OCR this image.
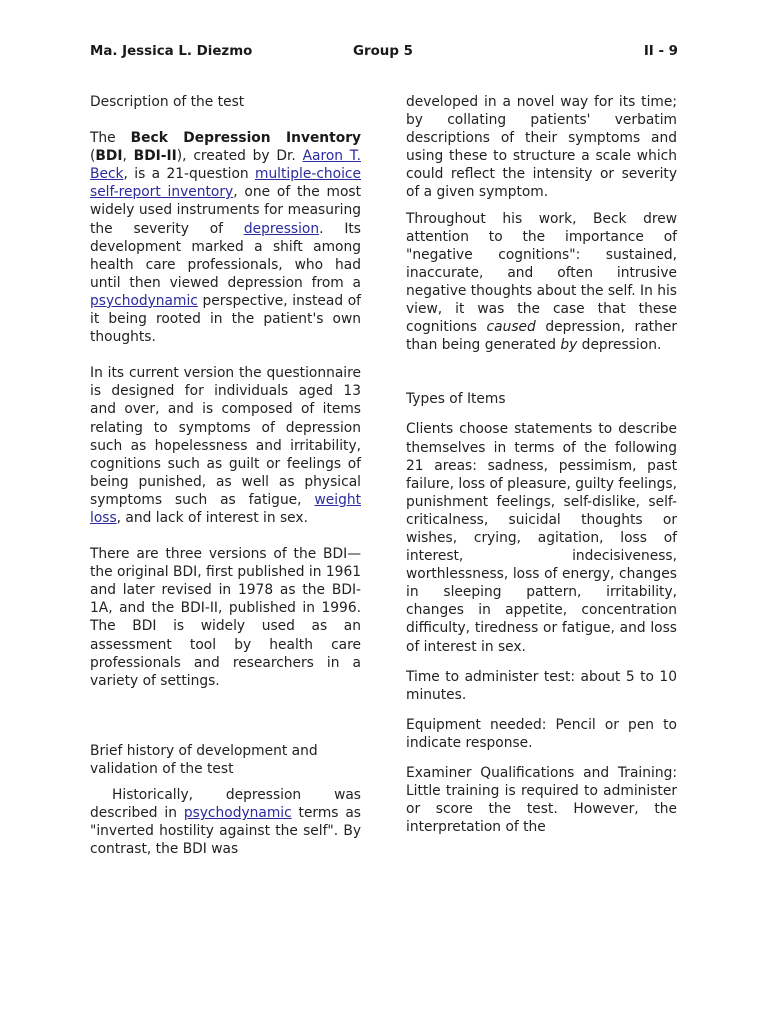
Ma. Jessica L. Diezmo	Group 5	II - 9

Description of the test

The Beck Depression Inventory (BDI, BDI-II), created by Dr. Aaron T. Beck, is a 21-question multiple-choice self-report inventory, one of the most widely used instruments for measuring the severity of depression. Its development marked a shift among health care professionals, who had until then viewed depression from a psychodynamic perspective, instead of it being rooted in the patient's own thoughts.

In its current version the questionnaire is designed for individuals aged 13 and over, and is composed of items relating to symptoms of depression such as hopelessness and irritability, cognitions such as guilt or feelings of being punished, as well as physical symptoms such as fatigue, weight loss, and lack of interest in sex.

There are three versions of the BDI—the original BDI, first published in 1961 and later revised in 1978 as the BDI-1A, and the BDI-II, published in 1996. The BDI is widely used as an assessment tool by health care professionals and researchers in a variety of settings.

Brief history of development and validation of the test

Historically, depression was described in psychodynamic terms as "inverted hostility against the self". By contrast, the BDI was

developed in a novel way for its time; by collating patients' verbatim descriptions of their symptoms and using these to structure a scale which could reflect the intensity or severity of a given symptom.

Throughout his work, Beck drew attention to the importance of "negative cognitions": sustained, inaccurate, and often intrusive negative thoughts about the self. In his view, it was the case that these cognitions caused depression, rather than being generated by depression.

Types of Items

Clients choose statements to describe themselves in terms of the following 21 areas: sadness, pessimism, past failure, loss of pleasure, guilty feelings, punishment feelings, self-dislike, self-criticalness, suicidal thoughts or wishes, crying, agitation, loss of interest, indecisiveness, worthlessness, loss of energy, changes in sleeping pattern, irritability, changes in appetite, concentration difficulty, tiredness or fatigue, and loss of interest in sex.

Time to administer test: about 5 to 10 minutes.

Equipment needed: Pencil or pen to indicate response.

Examiner Qualifications and Training: Little training is required to administer or score the test. However, the interpretation of the
